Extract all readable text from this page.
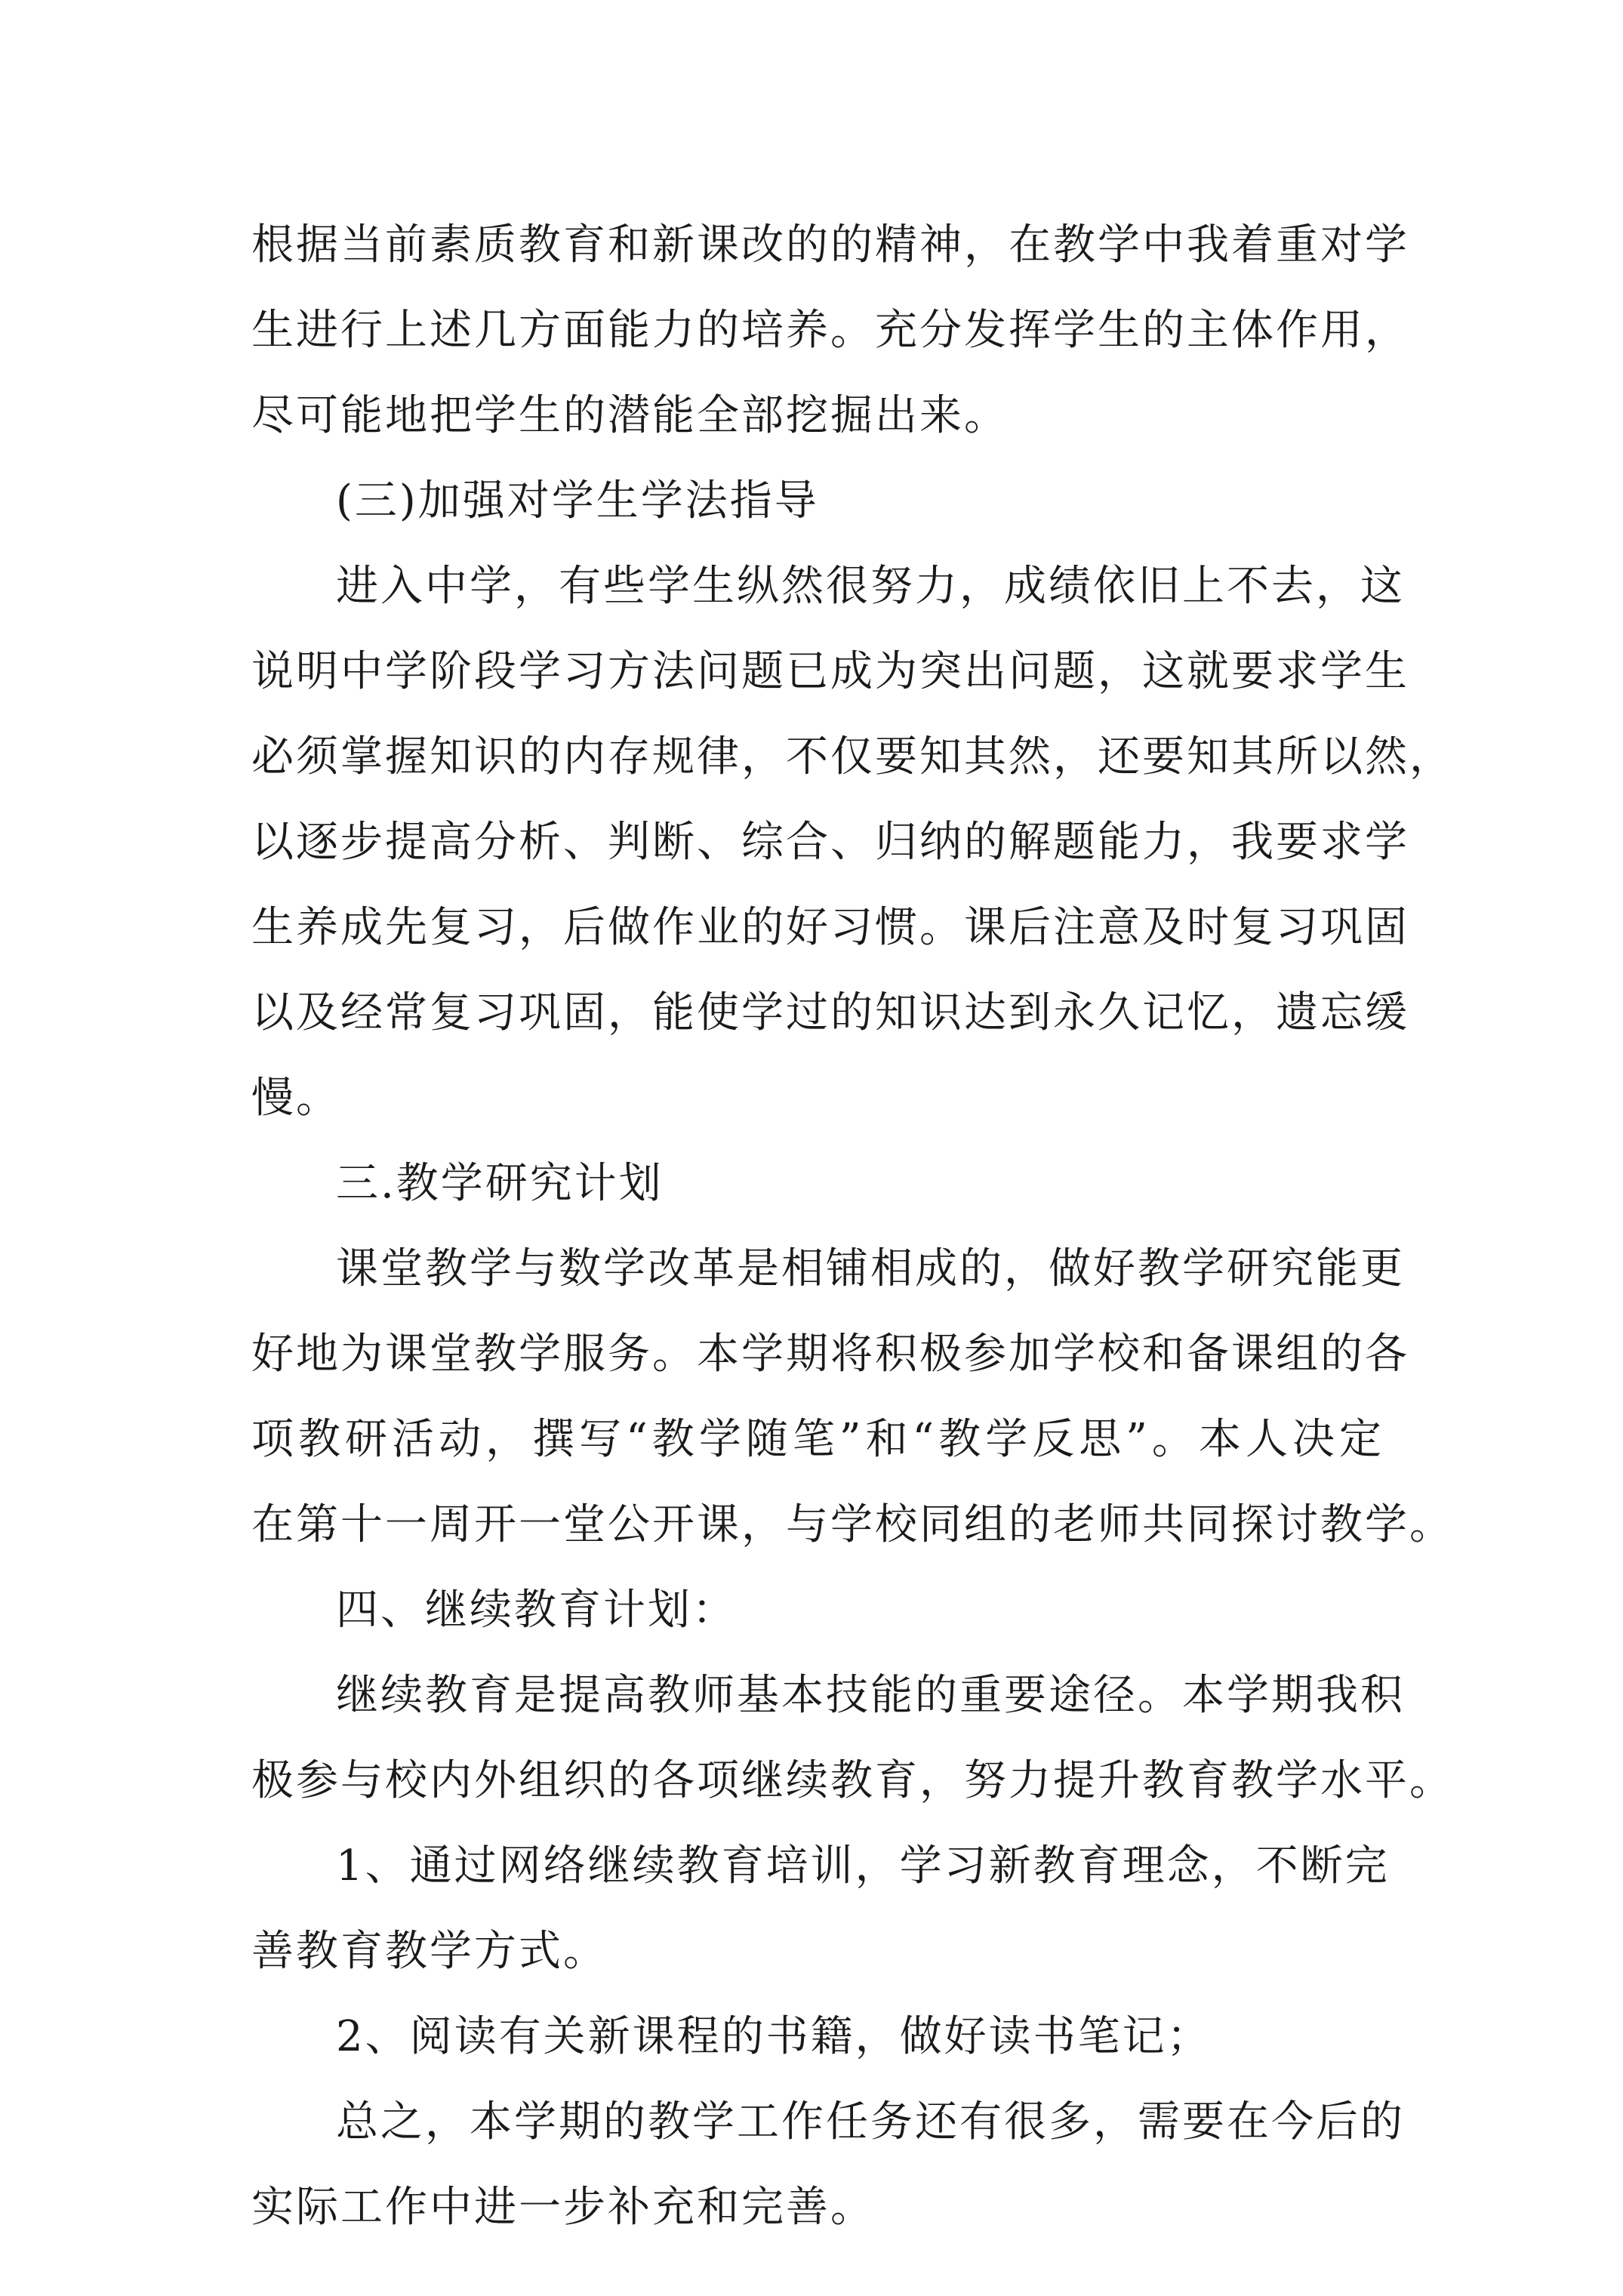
根据当前素质教育和新课改的的精神，在教学中我着重对学
生进行上述几方面能力的培养。充分发挥学生的主体作用，
尽可能地把学生的潜能全部挖掘出来。
(三)加强对学生学法指导
进入中学，有些学生纵然很努力，成绩依旧上不去，这
说明中学阶段学习方法问题已成为突出问题，这就要求学生
必须掌握知识的内存规律，不仅要知其然，还要知其所以然，
以逐步提高分析、判断、综合、归纳的解题能力，我要求学
生养成先复习，后做作业的好习惯。课后注意及时复习巩固
以及经常复习巩固，能使学过的知识达到永久记忆，遗忘缓
慢。
三.教学研究计划
课堂教学与数学改革是相铺相成的，做好教学研究能更
好地为课堂教学服务。本学期将积极参加学校和备课组的各
项教研活动，撰写“教学随笔”和“教学反思”。本人决定
在第十一周开一堂公开课，与学校同组的老师共同探讨教学。
四、继续教育计划：
继续教育是提高教师基本技能的重要途径。本学期我积
极参与校内外组织的各项继续教育，努力提升教育教学水平。
1、通过网络继续教育培训，学习新教育理念，不断完
善教育教学方式。
2、阅读有关新课程的书籍，做好读书笔记；
总之，本学期的教学工作任务还有很多，需要在今后的
实际工作中进一步补充和完善。
